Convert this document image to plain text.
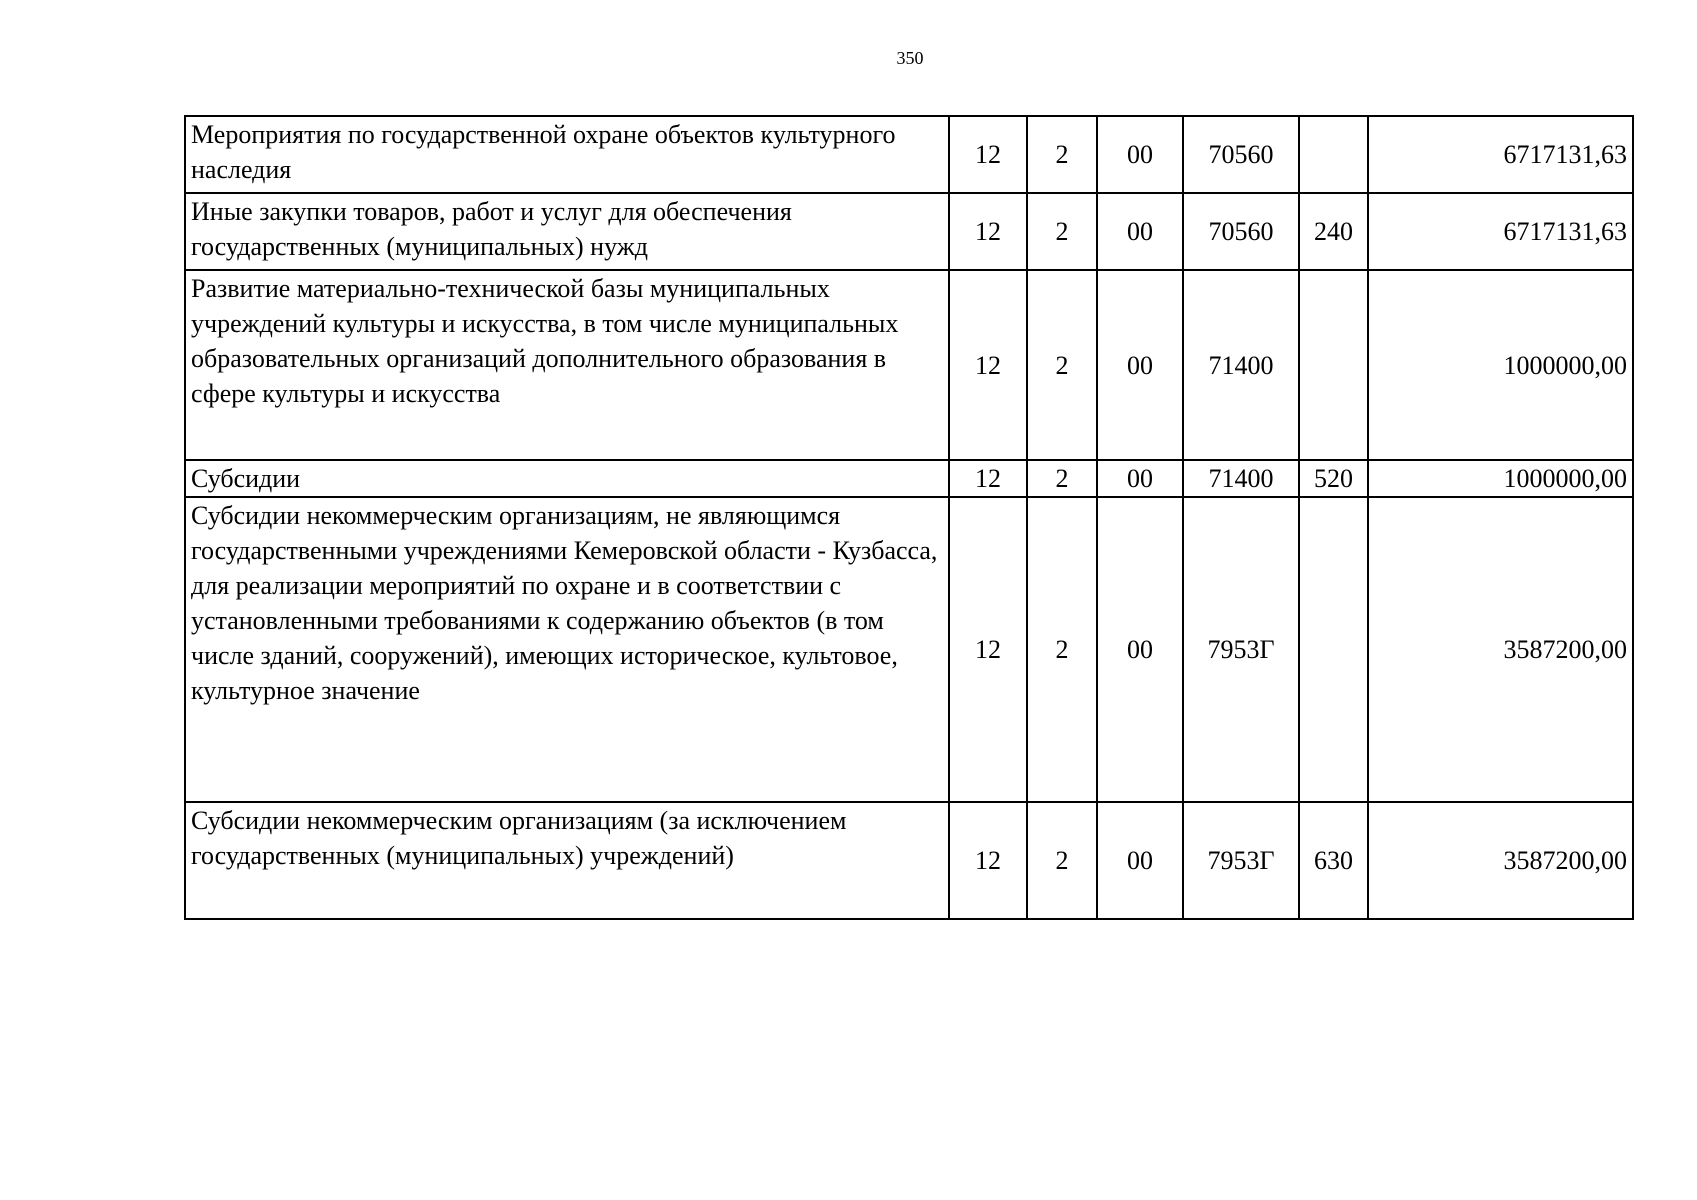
350
Мероприятия по государственной охране объектов культурного наследия	12	2	00	70560		6717131,63
Иные закупки товаров, работ и услуг для обеспечения государственных (муниципальных) нужд	12	2	00	70560	240	6717131,63
Развитие материально-технической базы муниципальных учреждений культуры и искусства, в том числе муниципальных образовательных организаций дополнительного образования в сфере культуры и искусства	12	2	00	71400		1000000,00
Субсидии	12	2	00	71400	520	1000000,00
Субсидии некоммерческим организациям, не являющимся государственными учреждениями Кемеровской области - Кузбасса, для реализации мероприятий по охране и в соответствии с установленными требованиями к содержанию объектов (в том числе зданий, сооружений), имеющих историческое, культовое, культурное значение	12	2	00	7953Г		3587200,00
Субсидии некоммерческим организациям (за исключением государственных (муниципальных) учреждений)	12	2	00	7953Г	630	3587200,00
